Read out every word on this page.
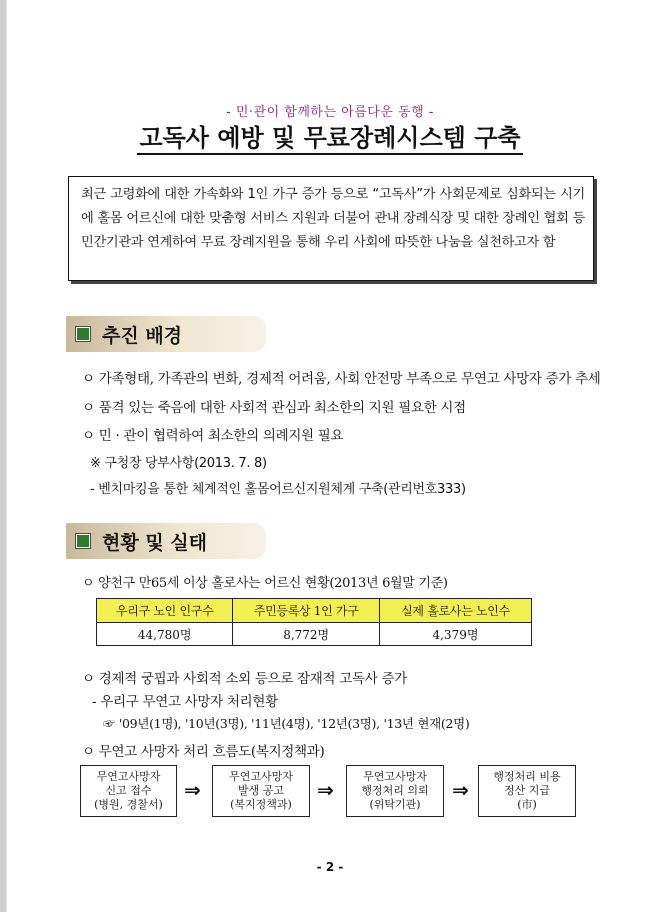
- 민·관이 함께하는 아름다운 동행 -
고독사 예방 및 무료장례시스템 구축
최근 고령화에 대한 가속화와 1인 가구 증가 등으로 “고독사”가 사회문제로 심화되는 시기에 홀몸 어르신에 대한 맞춤형 서비스 지원과 더불어 관내 장례식장 및 대한 장례인 협회 등 민간기관과 연계하여 무료 장례지원을 통해 우리 사회에 따뜻한 나눔을 실천하고자 함
추진 배경
ㅇ 가족형태, 가족관의 변화, 경제적 어려움, 사회 안전망 부족으로 무연고 사망자 증가 추세
ㅇ 품격 있는 죽음에 대한 사회적 관심과 최소한의 지원 필요한 시점
ㅇ 민 · 관이 협력하여 최소한의 의례지원 필요
※ 구청장 당부사항(2013. 7. 8)
- 벤치마킹을 통한 체계적인 홀몸어르신지원체계 구축(관리번호333)
현황 및 실태
ㅇ 양천구 만65세 이상 홀로사는 어르신 현황(2013년 6월말 기준)
우리구 노인 인구수	주민등록상 1인 가구	실제 홀로사는 노인수
44,780명	8,772명	4,379명
ㅇ 경제적 궁핍과 사회적 소외 등으로 잠재적 고독사 증가
- 우리구 무연고 사망자 처리현황
☞ '09년(1명), '10년(3명), '11년(4명), '12년(3명), '13년 현재(2명)
ㅇ 무연고 사망자 처리 흐름도(복지정책과)
무연고사망자
신고 접수
(병원, 경찰서)
⇒
무연고사망자
발생 공고
(복지정책과)
⇒
무연고사망자
행정처리 의뢰
(위탁기관)
⇒
행정처리 비용
정산 지급
(市)
- 2 -
